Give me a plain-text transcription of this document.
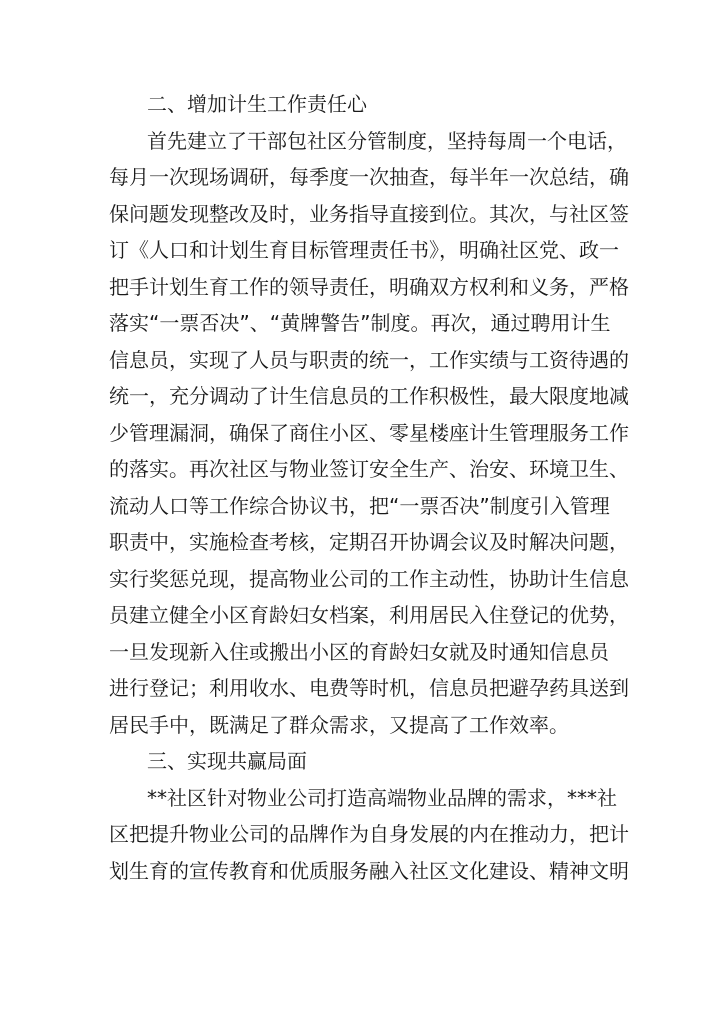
二、增加计生工作责任心
首先建立了干部包社区分管制度，坚持每周一个电话，
每月一次现场调研，每季度一次抽查，每半年一次总结，确
保问题发现整改及时，业务指导直接到位。其次，与社区签
订《人口和计划生育目标管理责任书》，明确社区党、政一
把手计划生育工作的领导责任，明确双方权利和义务，严格
落实“一票否决”、“黄牌警告”制度。再次，通过聘用计生
信息员，实现了人员与职责的统一，工作实绩与工资待遇的
统一，充分调动了计生信息员的工作积极性，最大限度地减
少管理漏洞，确保了商住小区、零星楼座计生管理服务工作
的落实。再次社区与物业签订安全生产、治安、环境卫生、
流动人口等工作综合协议书，把“一票否决”制度引入管理
职责中，实施检查考核，定期召开协调会议及时解决问题，
实行奖惩兑现，提高物业公司的工作主动性，协助计生信息
员建立健全小区育龄妇女档案，利用居民入住登记的优势，
一旦发现新入住或搬出小区的育龄妇女就及时通知信息员
进行登记；利用收水、电费等时机，信息员把避孕药具送到
居民手中，既满足了群众需求，又提高了工作效率。
三、实现共赢局面
**社区针对物业公司打造高端物业品牌的需求，***社
区把提升物业公司的品牌作为自身发展的内在推动力，把计
划生育的宣传教育和优质服务融入社区文化建设、精神文明
